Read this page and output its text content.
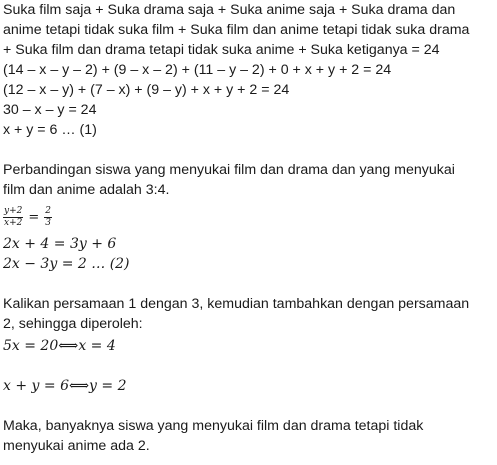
Suka film saja + Suka drama saja + Suka anime saja + Suka drama dan

anime tetapi tidak suka film + Suka film dan anime tetapi tidak suka drama

+ Suka film dan drama tetapi tidak suka anime + Suka ketiganya = 24

(14 – x – y – 2) + (9 – x – 2) + (11 – y – 2) + 0 + x + y + 2 = 24

(12 – x – y) + (7 – x) + (9 – y) + x + y + 2 = 24

30 – x – y = 24

x + y = 6 … (1)

Perbandingan siswa yang menyukai film dan drama dan yang menyukai

film dan anime adalah 3:4.

$\frac{y+2}{x+2} = \frac{2}{3}$

2x + 4 = 3y + 6

2x − 3y = 2 … (2)

Kalikan persamaan 1 dengan 3, kemudian tambahkan dengan persamaan

2, sehingga diperoleh:

5x = 20⟺x = 4

x + y = 6⟺y = 2

Maka, banyaknya siswa yang menyukai film dan drama tetapi tidak

menyukai anime ada 2.
